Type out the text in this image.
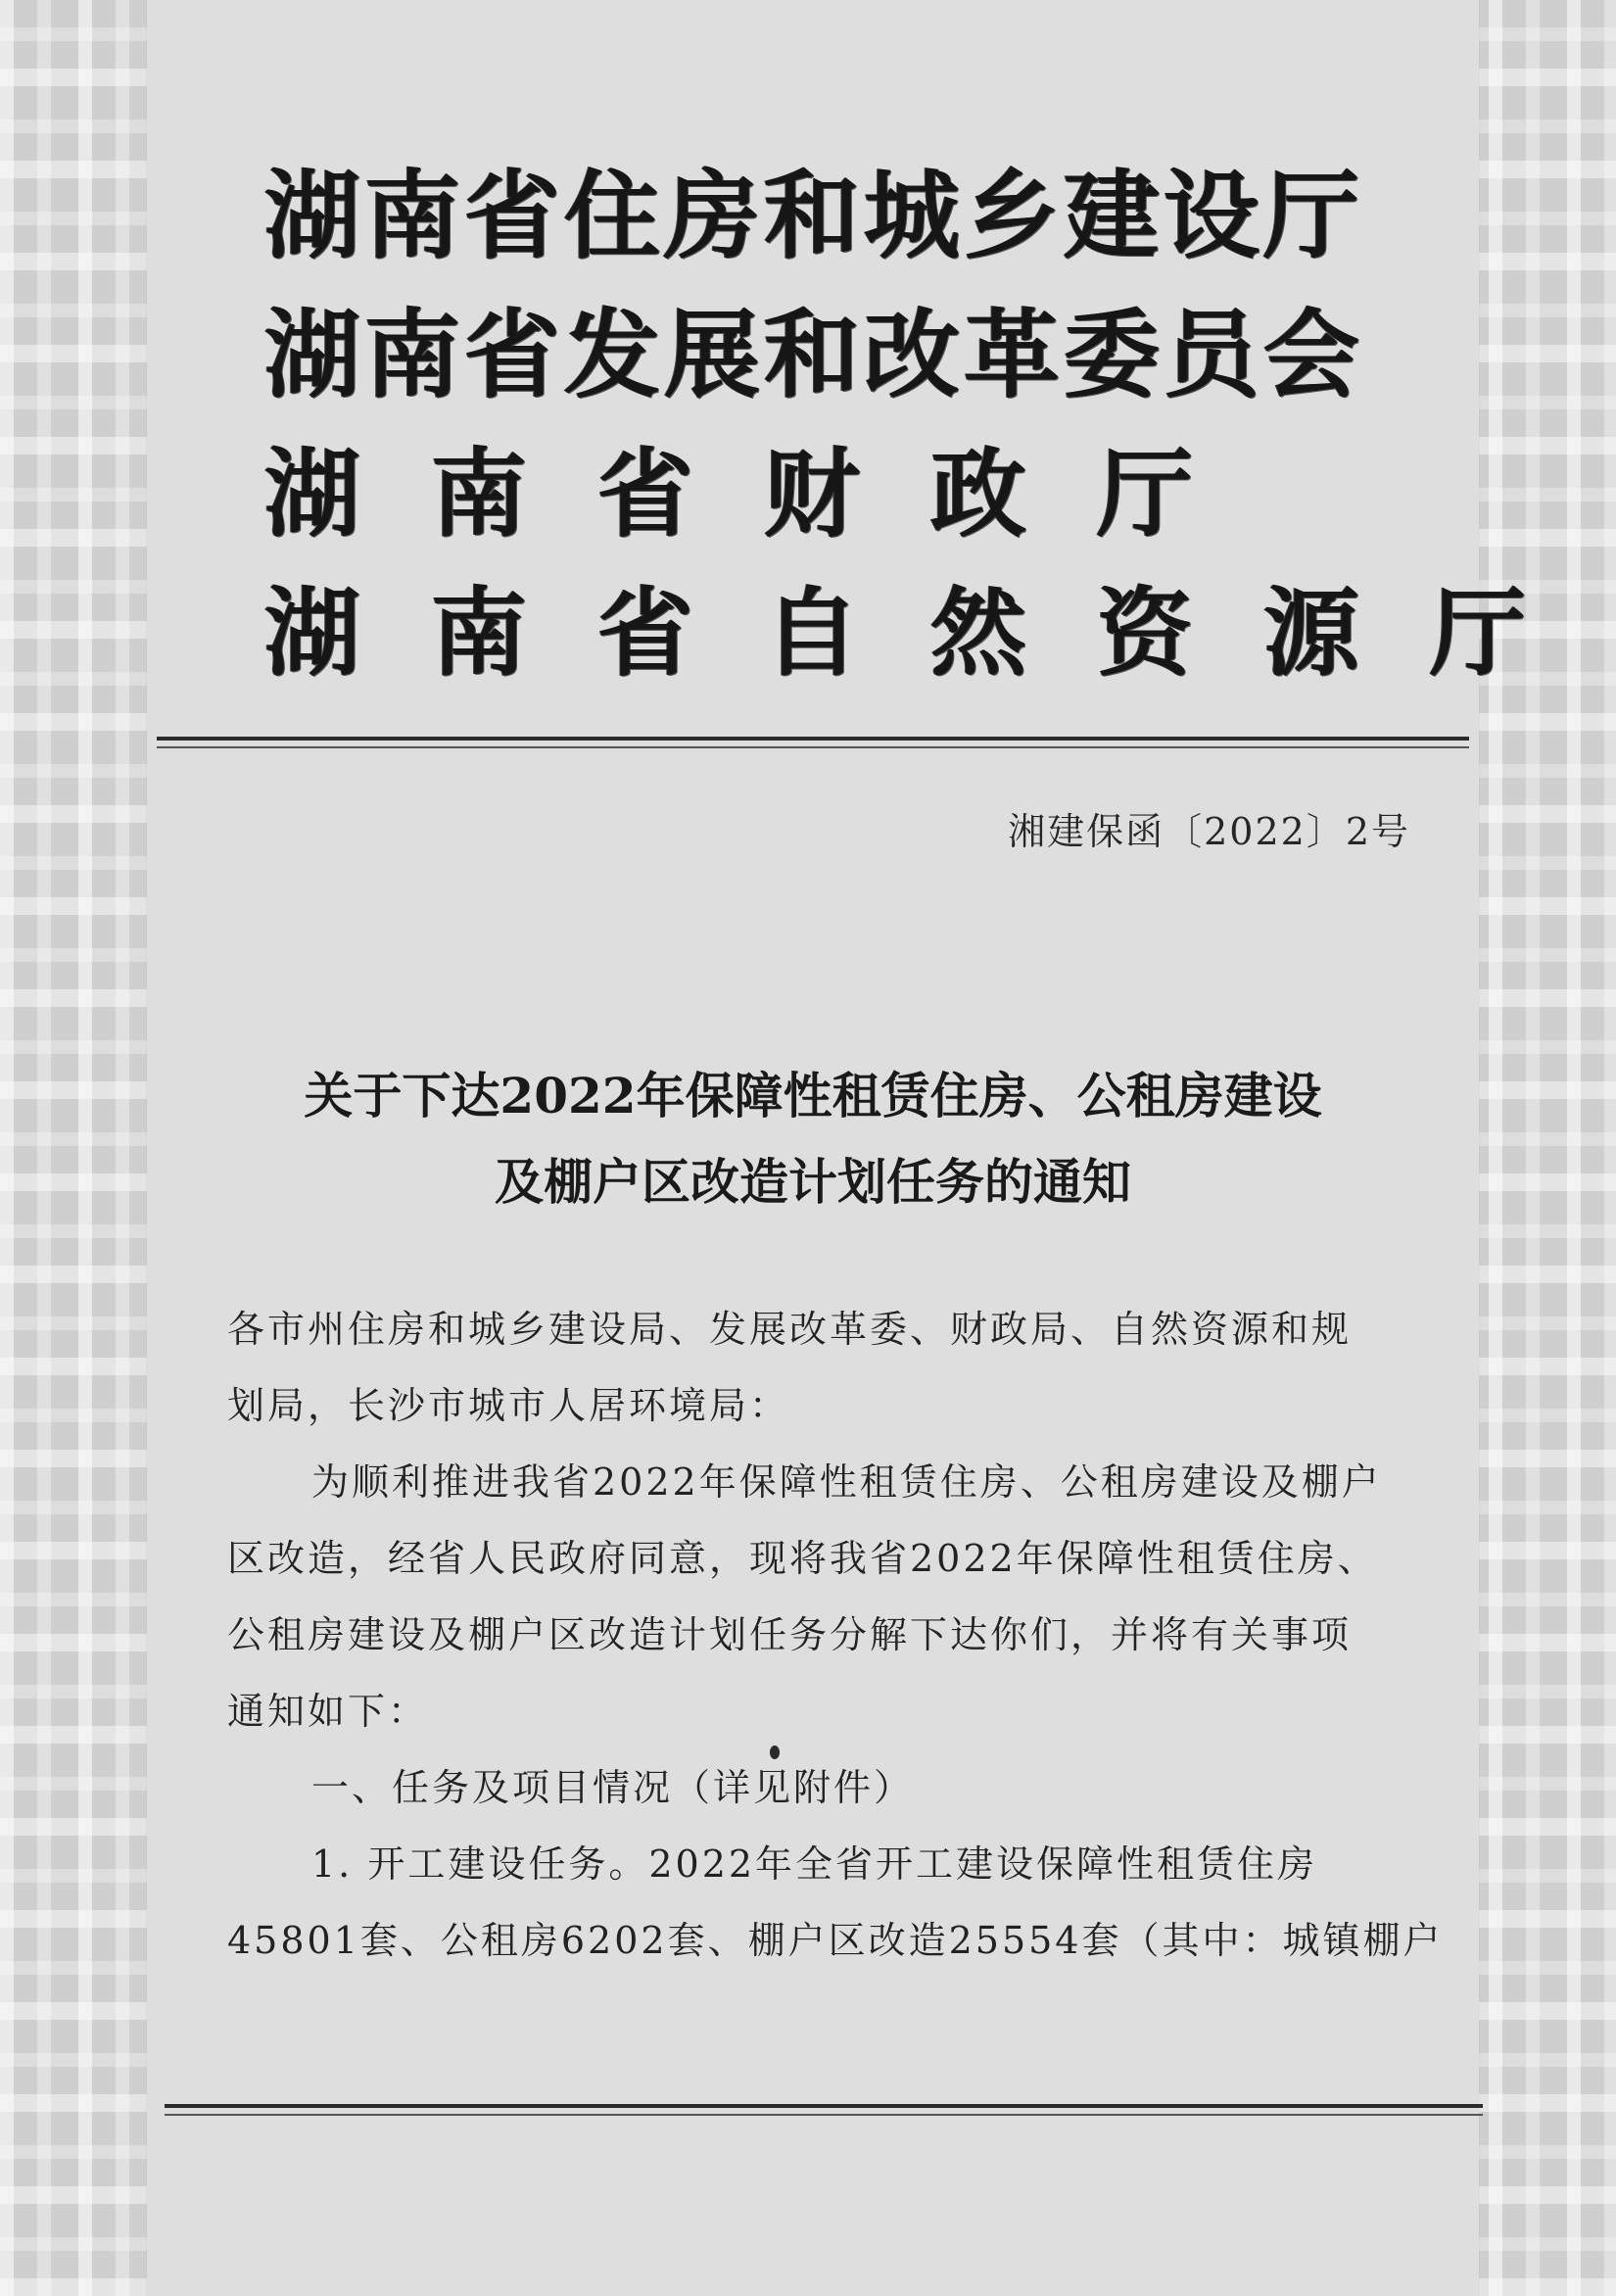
湖南省住房和城乡建设厅
湖南省发展和改革委员会
湖南省财政厅
湖南省自然资源厅
湘建保函〔2022〕2号
关于下达2022年保障性租赁住房、公租房建设
及棚户区改造计划任务的通知
各市州住房和城乡建设局、发展改革委、财政局、自然资源和规
划局，长沙市城市人居环境局：
为顺利推进我省2022年保障性租赁住房、公租房建设及棚户
区改造，经省人民政府同意，现将我省2022年保障性租赁住房、
公租房建设及棚户区改造计划任务分解下达你们，并将有关事项
通知如下：
一、任务及项目情况（详见附件）
1. 开工建设任务。2022年全省开工建设保障性租赁住房
45801套、公租房6202套、棚户区改造25554套（其中：城镇棚户
